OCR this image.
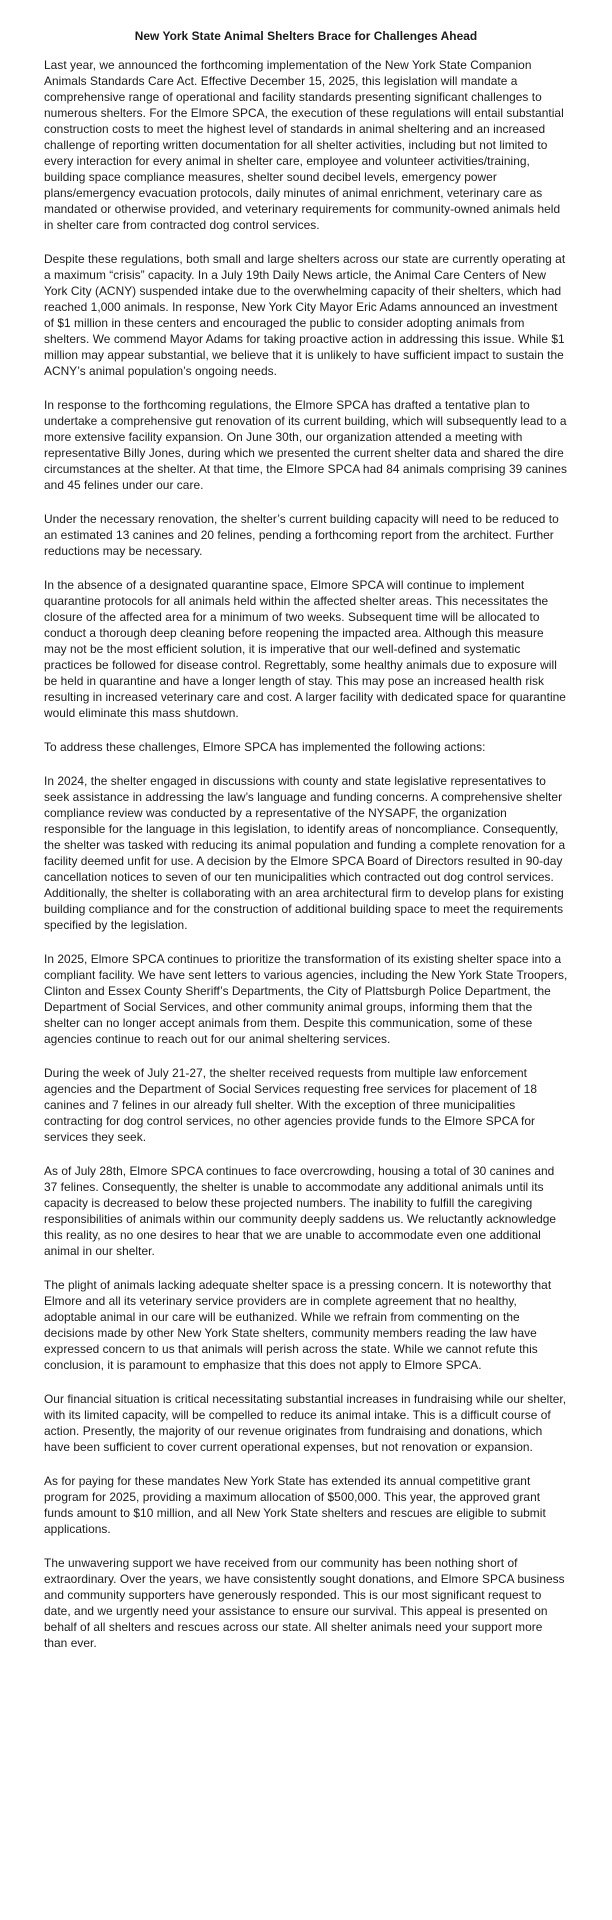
New York State Animal Shelters Brace for Challenges Ahead

Last year, we announced the forthcoming implementation of the New York State Companion Animals Standards Care Act. Effective December 15, 2025, this legislation will mandate a comprehensive range of operational and facility standards presenting significant challenges to numerous shelters. For the Elmore SPCA, the execution of these regulations will entail substantial construction costs to meet the highest level of standards in animal sheltering and an increased challenge of reporting written documentation for all shelter activities, including but not limited to every interaction for every animal in shelter care, employee and volunteer activities/training, building space compliance measures, shelter sound decibel levels, emergency power plans/emergency evacuation protocols, daily minutes of animal enrichment, veterinary care as mandated or otherwise provided, and veterinary requirements for community-owned animals held in shelter care from contracted dog control services.

Despite these regulations, both small and large shelters across our state are currently operating at a maximum “crisis” capacity. In a July 19th Daily News article, the Animal Care Centers of New York City (ACNY) suspended intake due to the overwhelming capacity of their shelters, which had reached 1,000 animals. In response, New York City Mayor Eric Adams announced an investment of $1 million in these centers and encouraged the public to consider adopting animals from shelters. We commend Mayor Adams for taking proactive action in addressing this issue. While $1 million may appear substantial, we believe that it is unlikely to have sufficient impact to sustain the ACNY’s animal population’s ongoing needs.

In response to the forthcoming regulations, the Elmore SPCA has drafted a tentative plan to undertake a comprehensive gut renovation of its current building, which will subsequently lead to a more extensive facility expansion. On June 30th, our organization attended a meeting with representative Billy Jones, during which we presented the current shelter data and shared the dire circumstances at the shelter. At that time, the Elmore SPCA had 84 animals comprising 39 canines and 45 felines under our care.

Under the necessary renovation, the shelter’s current building capacity will need to be reduced to an estimated 13 canines and 20 felines, pending a forthcoming report from the architect. Further reductions may be necessary.

In the absence of a designated quarantine space, Elmore SPCA will continue to implement quarantine protocols for all animals held within the affected shelter areas. This necessitates the closure of the affected area for a minimum of two weeks. Subsequent time will be allocated to conduct a thorough deep cleaning before reopening the impacted area. Although this measure may not be the most efficient solution, it is imperative that our well-defined and systematic practices be followed for disease control. Regrettably, some healthy animals due to exposure will be held in quarantine and have a longer length of stay. This may pose an increased health risk resulting in increased veterinary care and cost. A larger facility with dedicated space for quarantine would eliminate this mass shutdown.

To address these challenges, Elmore SPCA has implemented the following actions:

In 2024, the shelter engaged in discussions with county and state legislative representatives to seek assistance in addressing the law’s language and funding concerns. A comprehensive shelter compliance review was conducted by a representative of the NYSAPF, the organization responsible for the language in this legislation, to identify areas of noncompliance. Consequently, the shelter was tasked with reducing its animal population and funding a complete renovation for a facility deemed unfit for use. A decision by the Elmore SPCA Board of Directors resulted in 90-day cancellation notices to seven of our ten municipalities which contracted out dog control services. Additionally, the shelter is collaborating with an area architectural firm to develop plans for existing building compliance and for the construction of additional building space to meet the requirements specified by the legislation.

In 2025, Elmore SPCA continues to prioritize the transformation of its existing shelter space into a compliant facility. We have sent letters to various agencies, including the New York State Troopers, Clinton and Essex County Sheriff’s Departments, the City of Plattsburgh Police Department, the Department of Social Services, and other community animal groups, informing them that the shelter can no longer accept animals from them. Despite this communication, some of these agencies continue to reach out for our animal sheltering services.

During the week of July 21-27, the shelter received requests from multiple law enforcement agencies and the Department of Social Services requesting free services for placement of 18 canines and 7 felines in our already full shelter. With the exception of three municipalities contracting for dog control services, no other agencies provide funds to the Elmore SPCA for services they seek.

As of July 28th, Elmore SPCA continues to face overcrowding, housing a total of 30 canines and 37 felines. Consequently, the shelter is unable to accommodate any additional animals until its capacity is decreased to below these projected numbers. The inability to fulfill the caregiving responsibilities of animals within our community deeply saddens us. We reluctantly acknowledge this reality, as no one desires to hear that we are unable to accommodate even one additional animal in our shelter.

The plight of animals lacking adequate shelter space is a pressing concern. It is noteworthy that Elmore and all its veterinary service providers are in complete agreement that no healthy, adoptable animal in our care will be euthanized. While we refrain from commenting on the decisions made by other New York State shelters, community members reading the law have expressed concern to us that animals will perish across the state. While we cannot refute this conclusion, it is paramount to emphasize that this does not apply to Elmore SPCA.

Our financial situation is critical necessitating substantial increases in fundraising while our shelter, with its limited capacity, will be compelled to reduce its animal intake. This is a difficult course of action. Presently, the majority of our revenue originates from fundraising and donations, which have been sufficient to cover current operational expenses, but not renovation or expansion.

As for paying for these mandates New York State has extended its annual competitive grant program for 2025, providing a maximum allocation of $500,000. This year, the approved grant funds amount to $10 million, and all New York State shelters and rescues are eligible to submit applications.

The unwavering support we have received from our community has been nothing short of extraordinary. Over the years, we have consistently sought donations, and Elmore SPCA business and community supporters have generously responded. This is our most significant request to date, and we urgently need your assistance to ensure our survival. This appeal is presented on behalf of all shelters and rescues across our state. All shelter animals need your support more than ever.
